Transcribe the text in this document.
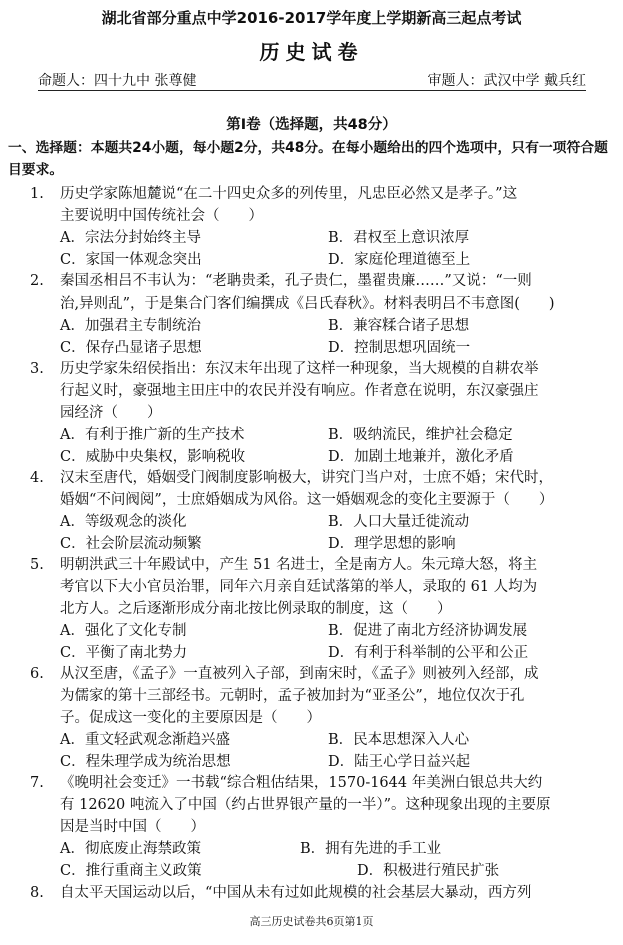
湖北省部分重点中学2016-2017学年度上学期新高三起点考试
历史试卷
命题人：四十九中 张尊健	审题人：武汉中学 戴兵红
第Ⅰ卷（选择题，共48分）
一、选择题：本题共24小题，每小题2分，共48分。在每小题给出的四个选项中，只有一项符合题目要求。
1. 历史学家陈旭麓说“在二十四史众多的列传里，凡忠臣必然又是孝子。”这
主要说明中国传统社会（　　）
A．宗法分封始终主导	B．君权至上意识浓厚
C．家国一体观念突出	D．家庭伦理道德至上
2. 秦国丞相吕不韦认为：“老聃贵柔，孔子贵仁，墨翟贵廉……”又说：“一则
治,异则乱”，于是集合门客们编撰成《吕氏春秋》。材料表明吕不韦意图(　　)
A．加强君主专制统治	B．兼容糅合诸子思想
C．保存凸显诸子思想	D．控制思想巩固统一
3. 历史学家朱绍侯指出：东汉末年出现了这样一种现象，当大规模的自耕农举
行起义时，豪强地主田庄中的农民并没有响应。作者意在说明，东汉豪强庄
园经济（　　）
A．有利于推广新的生产技术	B．吸纳流民，维护社会稳定
C．威胁中央集权，影响税收	D．加剧土地兼并，激化矛盾
4. 汉末至唐代，婚姻受门阀制度影响极大，讲究门当户对，士庶不婚；宋代时，
婚姻“不问阀阅”，士庶婚姻成为风俗。这一婚姻观念的变化主要源于（　　）
A．等级观念的淡化	B．人口大量迁徙流动
C．社会阶层流动频繁	D．理学思想的影响
5. 明朝洪武三十年殿试中，产生 51 名进士，全是南方人。朱元璋大怒，将主
考官以下大小官员治罪，同年六月亲自廷试落第的举人，录取的 61 人均为
北方人。之后逐渐形成分南北按比例录取的制度，这（　　）
A．强化了文化专制	B．促进了南北方经济协调发展
C．平衡了南北势力	D．有利于科举制的公平和公正
6. 从汉至唐，《孟子》一直被列入子部，到南宋时，《孟子》则被列入经部，成
为儒家的第十三部经书。元朝时，孟子被加封为“亚圣公”，地位仅次于孔
子。促成这一变化的主要原因是（　　）
A．重文轻武观念渐趋兴盛	B．民本思想深入人心
C．程朱理学成为统治思想	D．陆王心学日益兴起
7. 《晚明社会变迁》一书载“综合粗估结果，1570-1644 年美洲白银总共大约
有 12620 吨流入了中国（约占世界银产量的一半）”。这种现象出现的主要原
因是当时中国（　　）
A．彻底废止海禁政策	B．拥有先进的手工业
C．推行重商主义政策	D．积极进行殖民扩张
8. 自太平天国运动以后，“中国从未有过如此规模的社会基层大暴动，西方列
高三历史试卷共6页第1页
